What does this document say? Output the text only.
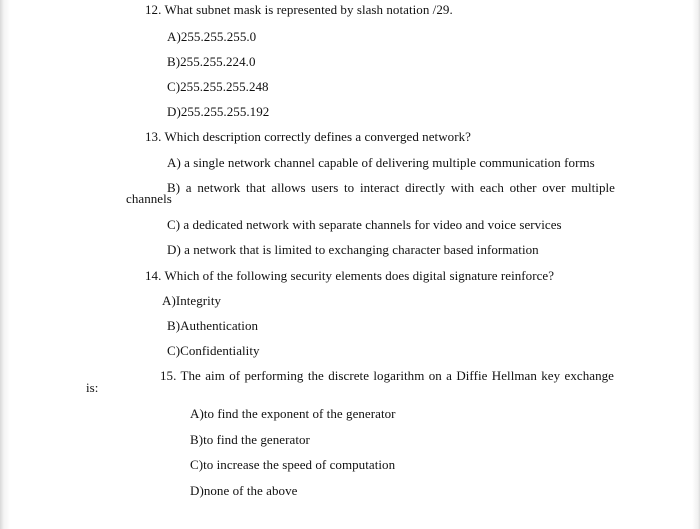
12. What subnet mask is represented by slash notation /29.
A)255.255.255.0
B)255.255.224.0
C)255.255.255.248
D)255.255.255.192
13. Which description correctly defines a converged network?
A) a single network channel capable of delivering multiple communication forms
B) a network that allows users to interact directly with each other over multiple
channels
C) a dedicated network with separate channels for video and voice services
D) a network that is limited to exchanging character based information
14. Which of the following security elements does digital signature reinforce?
A)Integrity
B)Authentication
C)Confidentiality
15. The aim of performing the discrete logarithm on a Diffie Hellman key exchange
is:
A)to find the exponent of the generator
B)to find the generator
C)to increase the speed of computation
D)none of the above
